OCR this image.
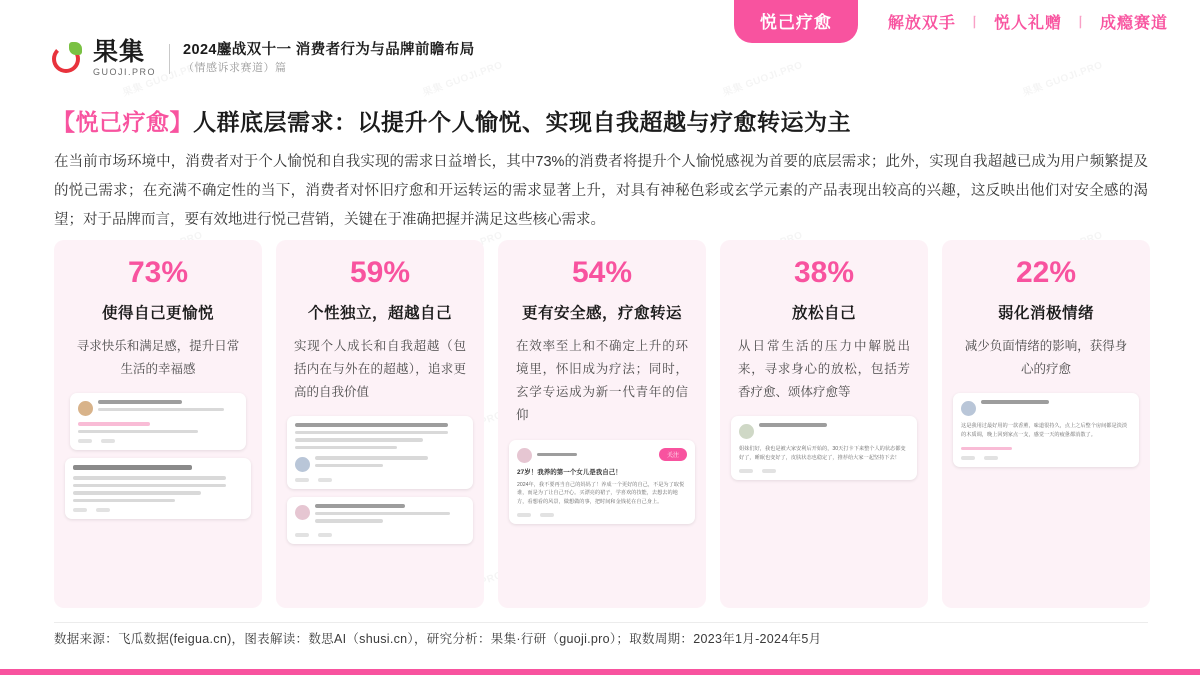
悦己疗愈	解放双手 丨 悦人礼赠 丨 成瘾赛道
果集
GUOJI.PRO
2024鏖战双十一 消费者行为与品牌前瞻布局
（情感诉求赛道）篇
【悦己疗愈】人群底层需求：以提升个人愉悦、实现自我超越与疗愈转运为主
在当前市场环境中，消费者对于个人愉悦和自我实现的需求日益增长，其中73%的消费者将提升个人愉悦感视为首要的底层需求；此外，实现自我超越已成为用户频繁提及的悦己需求；在充满不确定性的当下，消费者对怀旧疗愈和开运转运的需求显著上升，对具有神秘色彩或玄学元素的产品表现出较高的兴趣，这反映出他们对安全感的渴望；对于品牌而言，要有效地进行悦己营销，关键在于准确把握并满足这些核心需求。
73%
使得自己更愉悦
寻求快乐和满足感，提升日常生活的幸福感
59%
个性独立，超越自己
实现个人成长和自我超越（包括内在与外在的超越），追求更高的自我价值
54%
更有安全感，疗愈转运
在效率至上和不确定上升的环境里，怀旧成为疗法；同时，玄学专运成为新一代青年的信仰
关注
27岁！我养的第一个女儿是我自己！
2024年，我不要再当自己的妈妈了！养成一个更好的自己，不是为了取悦谁，而是为了让自己开心。买漂亮的裙子，学喜欢的技能，去想去的地方，看想看的风景，做想做的事，把时间和金钱花在自己身上。
38%
放松自己
从日常生活的压力中解脱出来，寻求身心的放松，包括芳香疗愈、颂体疗愈等
姐妹们好，我也是被大家安利后开始的，30天打卡下来整个人的状态都变好了，睡眠也变好了，皮肤状态也稳定了，推荐给大家一起坚持下去！
22%
弱化消极情绪
减少负面情绪的影响，获得身心的疗愈
这是我用过最好用的一款香薰，味道很持久，点上之后整个房间都是淡淡的木质调，晚上回到家点一支，感觉一天的疲惫都消散了。
数据来源：飞瓜数据(feigua.cn)，图表解读：数思AI（shusi.cn），研究分析：果集·行研（guoji.pro）；取数周期：2023年1月-2024年5月
